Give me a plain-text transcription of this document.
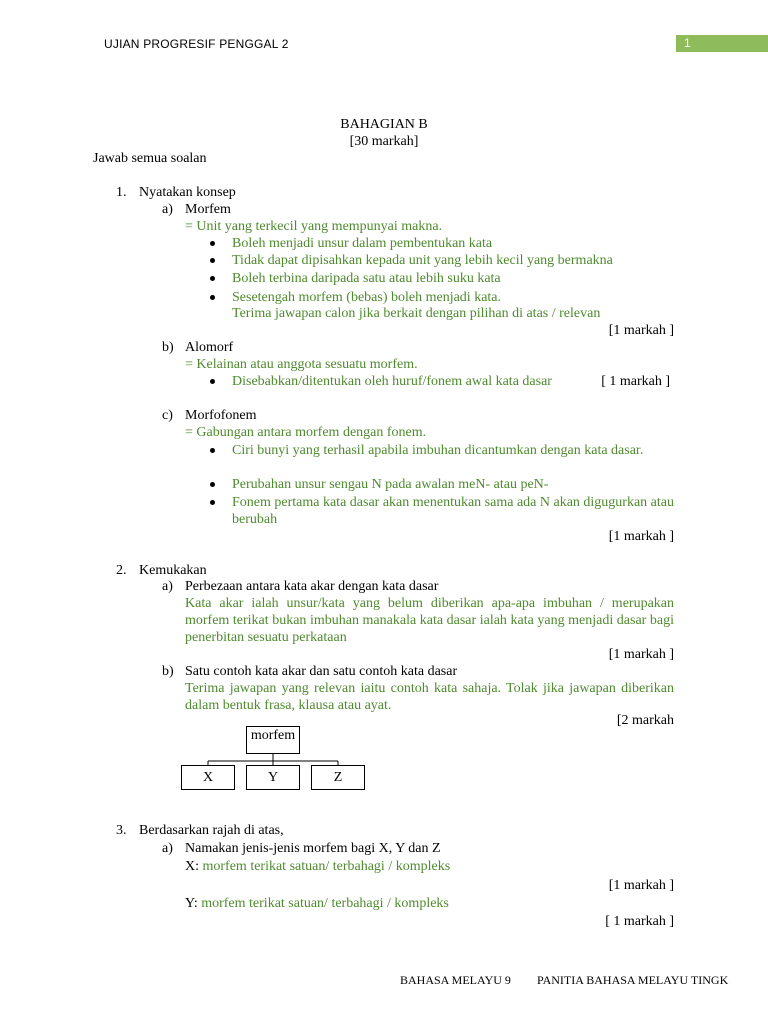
UJIAN PROGRESIF PENGGAL 2	1
BAHAGIAN B
[30 markah]
Jawab semua soalan
1. Nyatakan konsep
a) Morfem
= Unit yang terkecil yang mempunyai makna.
Boleh menjadi unsur dalam pembentukan kata
Tidak dapat dipisahkan kepada unit yang lebih kecil yang bermakna
Boleh terbina daripada satu atau lebih suku kata
Sesetengah morfem (bebas) boleh menjadi kata.
Terima jawapan calon jika berkait dengan pilihan di atas / relevan
[1 markah ]
b) Alomorf
= Kelainan atau anggota sesuatu morfem.
Disebabkan/ditentukan oleh huruf/fonem awal kata dasar	[ 1 markah ]
c) Morfofonem
= Gabungan antara morfem dengan fonem.
Ciri bunyi yang terhasil apabila imbuhan dicantumkan dengan kata dasar.
Perubahan unsur sengau N pada awalan meN- atau peN-
Fonem pertama kata dasar akan menentukan sama ada N akan digugurkan atau berubah
[1 markah ]
2. Kemukakan
a) Perbezaan antara kata akar dengan kata dasar
Kata akar ialah unsur/kata yang belum diberikan apa-apa imbuhan / merupakan morfem terikat bukan imbuhan manakala kata dasar ialah kata yang menjadi dasar bagi penerbitan sesuatu perkataan
[1 markah ]
b) Satu contoh kata akar dan satu contoh kata dasar
Terima jawapan yang relevan iaitu contoh kata sahaja. Tolak jika jawapan diberikan dalam bentuk frasa, klausa atau ayat.
[2 markah
morfem
X	Y	Z
3. Berdasarkan rajah di atas,
a) Namakan jenis-jenis morfem bagi X, Y dan Z
X: morfem terikat satuan/ terbahagi / kompleks
[1 markah ]
Y: morfem terikat satuan/ terbahagi / kompleks
[ 1 markah ]
BAHASA MELAYU 9 PANITIA BAHASA MELAYU TINGK
